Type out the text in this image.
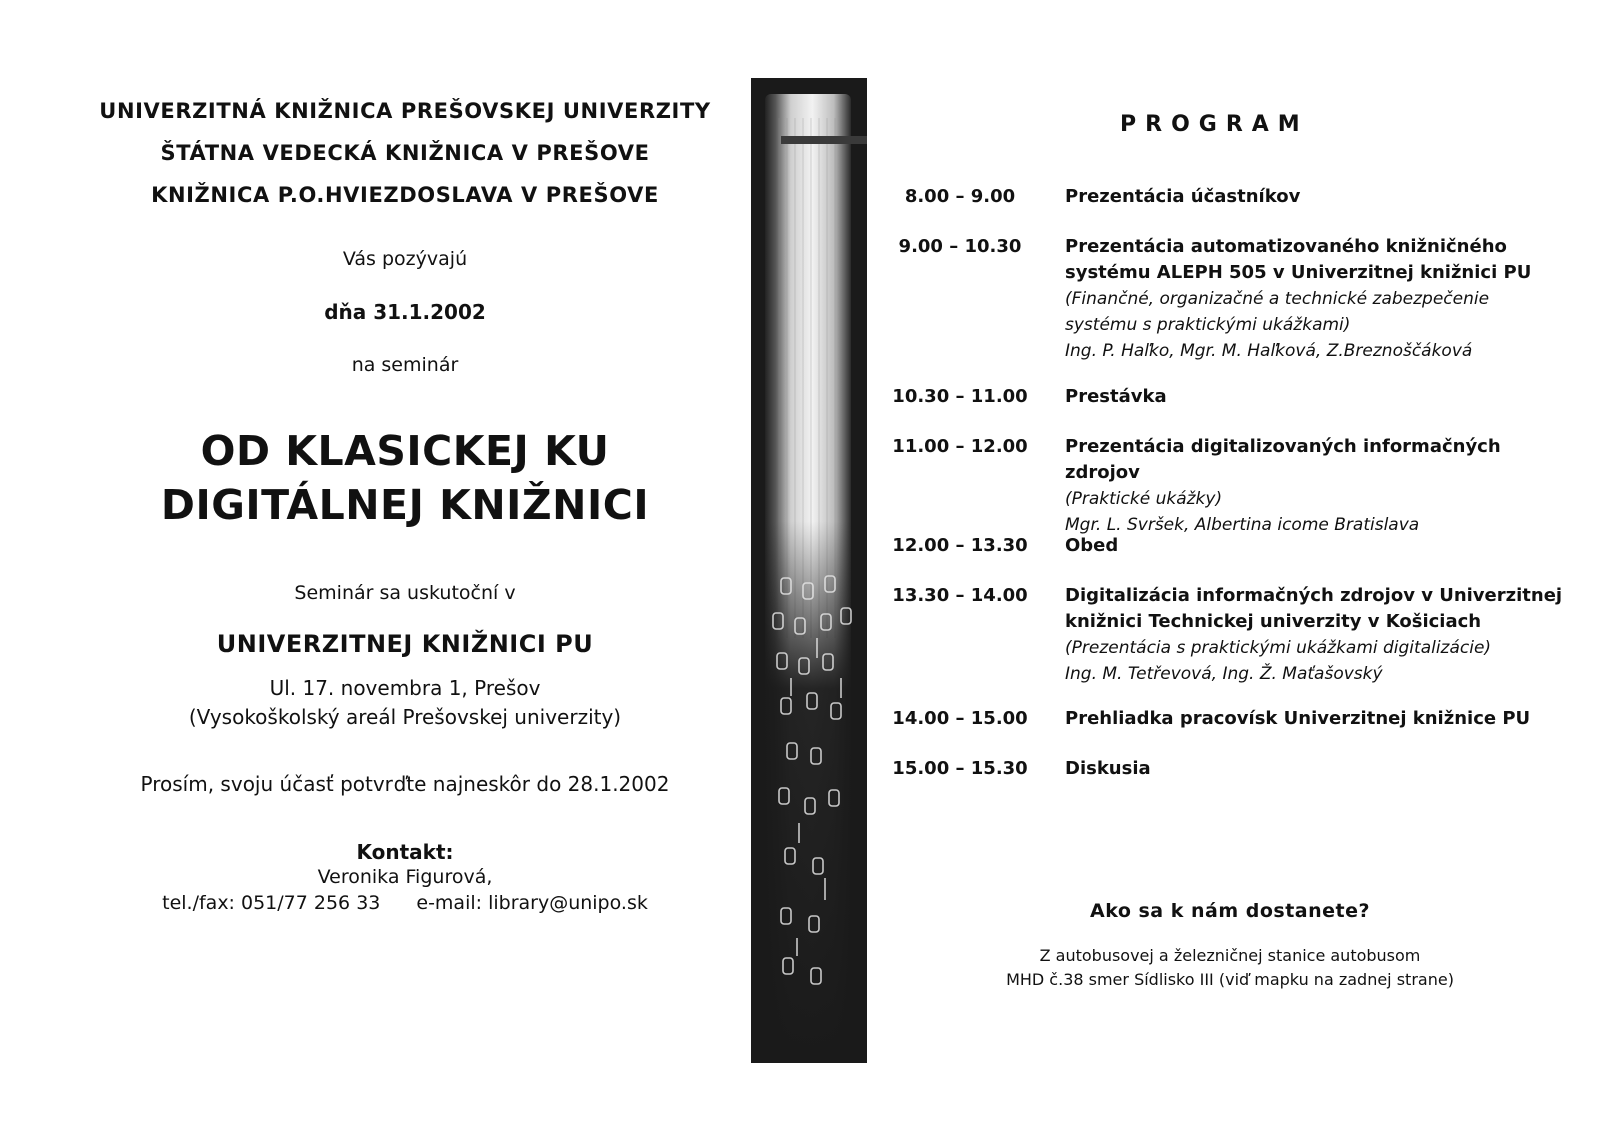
UNIVERZITNÁ KNIŽNICA PREŠOVSKEJ UNIVERZITY
ŠTÁTNA VEDECKÁ KNIŽNICA V PREŠOVE
KNIŽNICA P.O.HVIEZDOSLAVA V PREŠOVE
Vás pozývajú
dňa 31.1.2002
na seminár
OD KLASICKEJ KU
DIGITÁLNEJ KNIŽNICI
Seminár sa uskutoční v
UNIVERZITNEJ KNIŽNICI PU
Ul. 17. novembra 1, Prešov
(Vysokoškolský areál Prešovskej univerzity)
Prosím, svoju účasť potvrďte najneskôr do 28.1.2002
Kontakt:
Veronika Figurová,
tel./fax: 051/77 256 33 e-mail: library@unipo.sk
PROGRAM
8.00 – 9.00	Prezentácia účastníkov
9.00 – 10.30	Prezentácia automatizovaného knižničného systému ALEPH 505 v Univerzitnej knižnici PU
(Finančné, organizačné a technické zabezpečenie systému s praktickými ukážkami)
Ing. P. Haľko, Mgr. M. Haľková, Z.Breznoščáková
10.30 – 11.00	Prestávka
11.00 – 12.00	Prezentácia digitalizovaných informačných zdrojov
(Praktické ukážky)
Mgr. L. Svršek, Albertina icome Bratislava
12.00 – 13.30	Obed
13.30 – 14.00	Digitalizácia informačných zdrojov v Univerzitnej knižnici Technickej univerzity v Košiciach
(Prezentácia s praktickými ukážkami digitalizácie)
Ing. M. Tetřevová, Ing. Ž. Maťašovský
14.00 – 15.00	Prehliadka pracovísk Univerzitnej knižnice PU
15.00 – 15.30	Diskusia
Ako sa k nám dostanete?
Z autobusovej a železničnej stanice autobusom
MHD č.38 smer Sídlisko III (viď mapku na zadnej strane)
